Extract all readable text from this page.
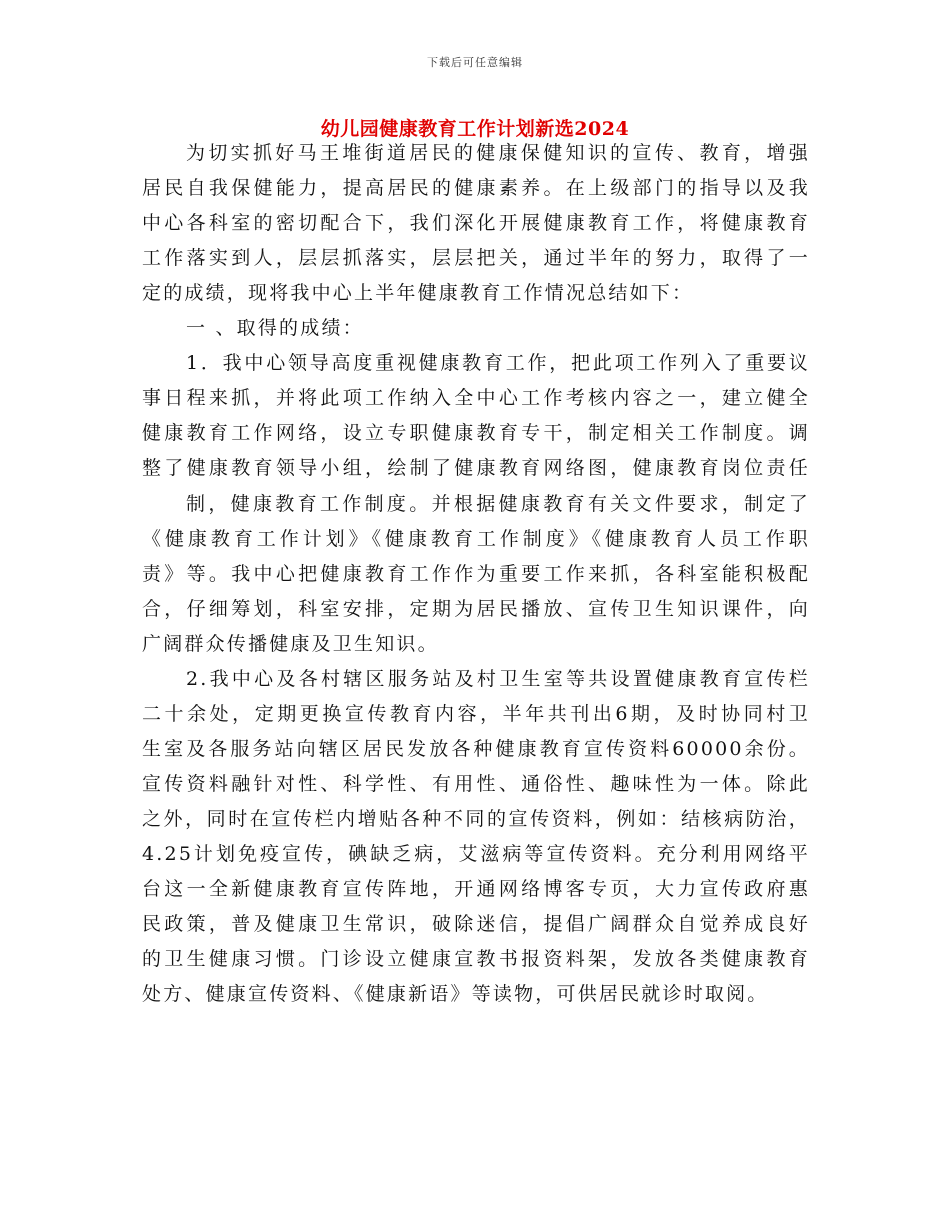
下载后可任意编辑
幼儿园健康教育工作计划新选2024
为切实抓好马王堆街道居民的健康保健知识的宣传、教育，增强
居民自我保健能力，提高居民的健康素养。在上级部门的指导以及我
中心各科室的密切配合下，我们深化开展健康教育工作，将健康教育
工作落实到人，层层抓落实，层层把关，通过半年的努力，取得了一
定的成绩，现将我中心上半年健康教育工作情况总结如下：
一 、取得的成绩：
1．我中心领导高度重视健康教育工作，把此项工作列入了重要议
事日程来抓，并将此项工作纳入全中心工作考核内容之一，建立健全
健康教育工作网络，设立专职健康教育专干，制定相关工作制度。调
整了健康教育领导小组，绘制了健康教育网络图，健康教育岗位责任
制，健康教育工作制度。并根据健康教育有关文件要求，制定了
《健康教育工作计划》《健康教育工作制度》《健康教育人员工作职
责》等。我中心把健康教育工作作为重要工作来抓，各科室能积极配
合，仔细筹划，科室安排，定期为居民播放、宣传卫生知识课件，向
广阔群众传播健康及卫生知识。
2.我中心及各村辖区服务站及村卫生室等共设置健康教育宣传栏
二十余处，定期更换宣传教育内容，半年共刊出6期，及时协同村卫
生室及各服务站向辖区居民发放各种健康教育宣传资料60000余份。
宣传资料融针对性、科学性、有用性、通俗性、趣味性为一体。除此
之外，同时在宣传栏内增贴各种不同的宣传资料，例如：结核病防治，
4.25计划免疫宣传，碘缺乏病，艾滋病等宣传资料。充分利用网络平
台这一全新健康教育宣传阵地，开通网络博客专页，大力宣传政府惠
民政策，普及健康卫生常识，破除迷信，提倡广阔群众自觉养成良好
的卫生健康习惯。门诊设立健康宣教书报资料架，发放各类健康教育
处方、健康宣传资料、《健康新语》等读物，可供居民就诊时取阅。
